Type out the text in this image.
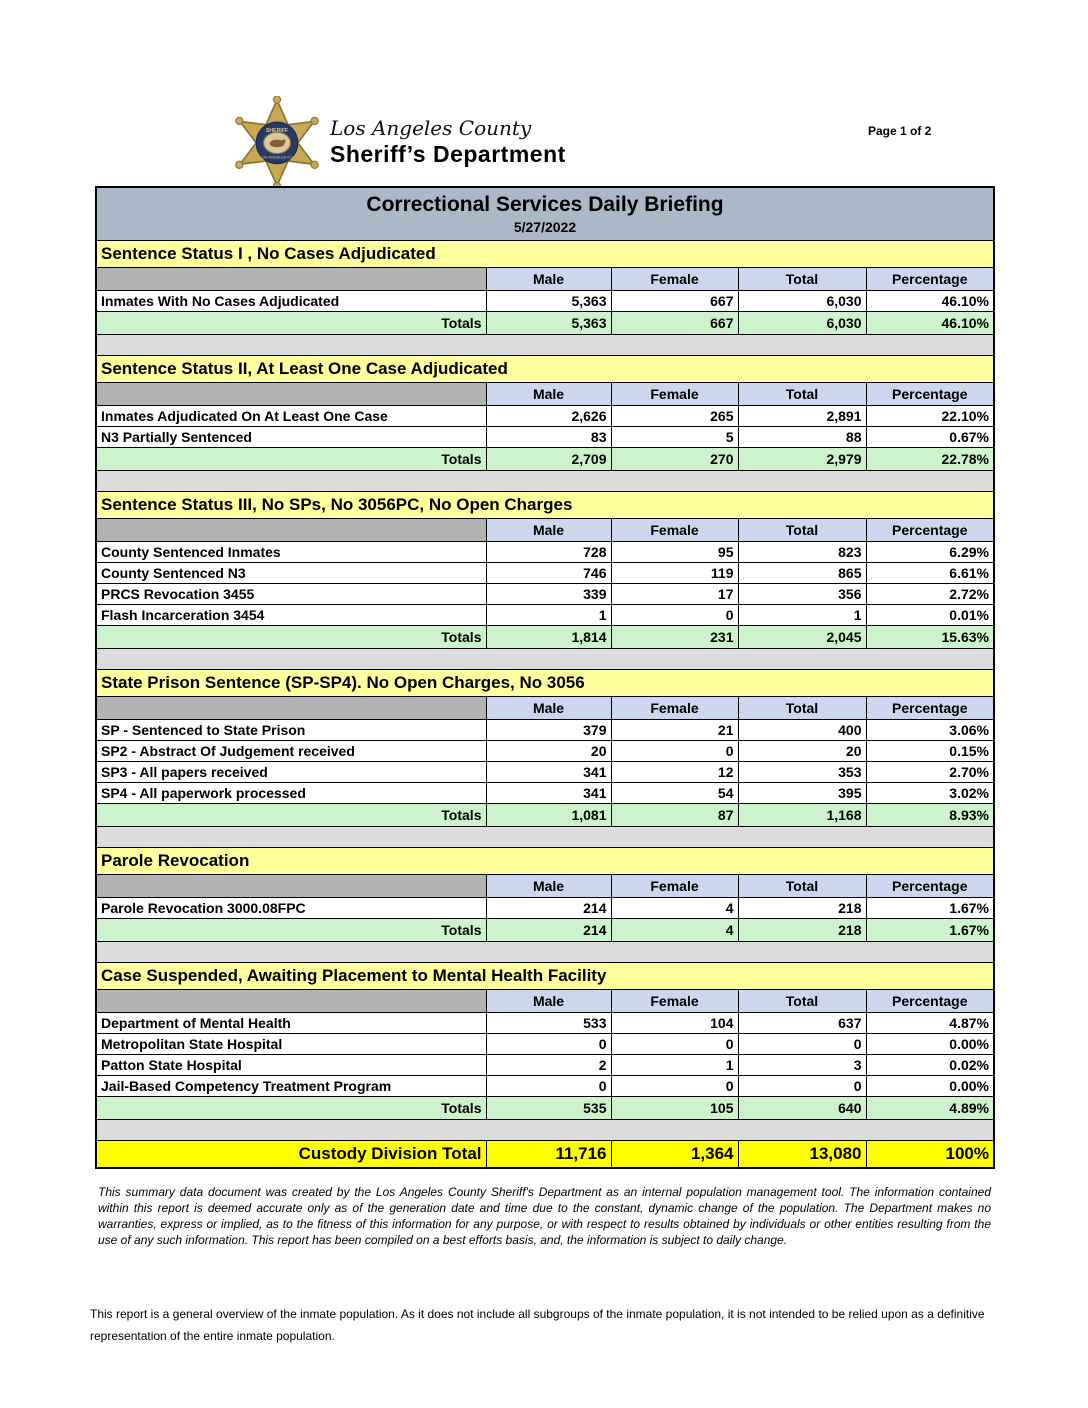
SHERIFF
LOS ANGELES CO.
Los Angeles County
Sheriff’s Department
Page 1 of 2
Correctional Services Daily Briefing
5/27/2022				

Sentence Status I , No Cases Adjudicated				
	Male	Female	Total	Percentage
Inmates With No Cases Adjudicated	5,363	667	6,030	46.10%
Totals	5,363	667	6,030	46.10%

Sentence Status II, At Least One Case Adjudicated				
	Male	Female	Total	Percentage
Inmates Adjudicated On At Least One Case	2,626	265	2,891	22.10%
N3 Partially Sentenced	83	5	88	0.67%
Totals	2,709	270	2,979	22.78%

Sentence Status III, No SPs, No 3056PC, No Open Charges				
	Male	Female	Total	Percentage
County Sentenced Inmates	728	95	823	6.29%
County Sentenced N3	746	119	865	6.61%
PRCS Revocation 3455	339	17	356	2.72%
Flash Incarceration 3454	1	0	1	0.01%
Totals	1,814	231	2,045	15.63%

State Prison Sentence (SP-SP4). No Open Charges, No 3056				
	Male	Female	Total	Percentage
SP - Sentenced to State Prison	379	21	400	3.06%
SP2 - Abstract Of Judgement received	20	0	20	0.15%
SP3 - All papers received	341	12	353	2.70%
SP4 - All paperwork processed	341	54	395	3.02%
Totals	1,081	87	1,168	8.93%

Parole Revocation				
	Male	Female	Total	Percentage
Parole Revocation 3000.08FPC	214	4	218	1.67%
Totals	214	4	218	1.67%

Case Suspended, Awaiting Placement to Mental Health Facility				
	Male	Female	Total	Percentage
Department of Mental Health	533	104	637	4.87%
Metropolitan State Hospital	0	0	0	0.00%
Patton State Hospital	2	1	3	0.02%
Jail-Based Competency Treatment Program	0	0	0	0.00%
Totals	535	105	640	4.89%

Custody Division Total	11,716	1,364	13,080	100%
This summary data document was created by the Los Angeles County Sheriff's Department as an internal population management tool. The information contained within this report is deemed accurate only as of the generation date and time due to the constant, dynamic change of the population. The Department makes no warranties, express or implied, as to the fitness of this information for any purpose, or with respect to results obtained by individuals or other entities resulting from the use of any such information. This report has been compiled on a best efforts basis, and, the information is subject to daily change.
This report is a general overview of the inmate population. As it does not include all subgroups of the inmate population, it is not intended to be relied upon as a definitive representation of the entire inmate population.
